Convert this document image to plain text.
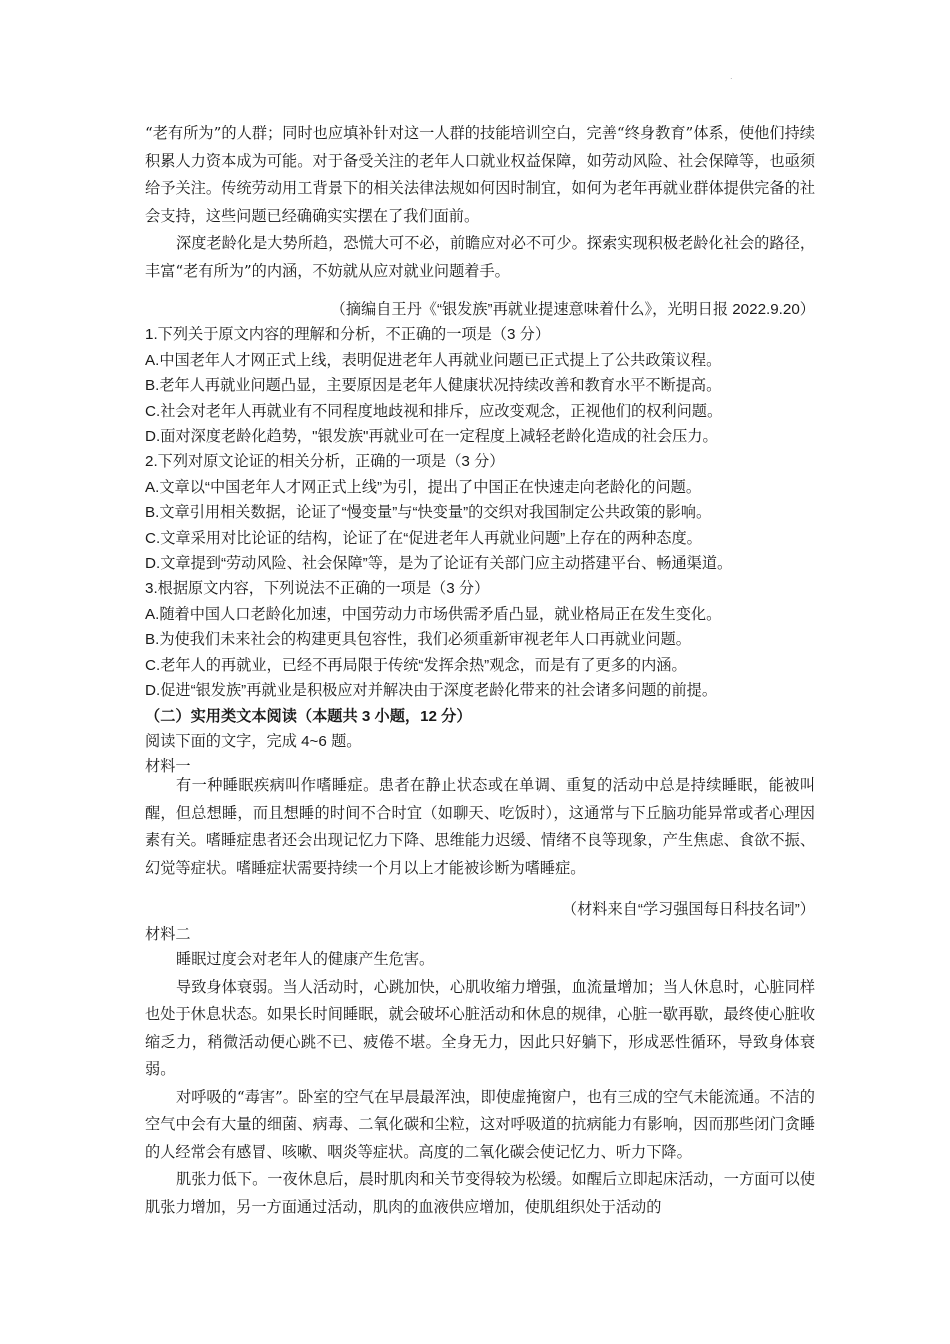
.

“老有所为”的人群；同时也应填补针对这一人群的技能培训空白，完善“终身教育”体系，使他们持续积累人力资本成为可能。对于备受关注的老年人口就业权益保障，如劳动风险、社会保障等，也亟须给予关注。传统劳动用工背景下的相关法律法规如何因时制宜，如何为老年再就业群体提供完备的社会支持，这些问题已经确确实实摆在了我们面前。

深度老龄化是大势所趋，恐慌大可不必，前瞻应对必不可少。探索实现积极老龄化社会的路径，丰富“老有所为”的内涵，不妨就从应对就业问题着手。

（摘编自王丹《“银发族”再就业提速意味着什么》，光明日报 2022.9.20）

1.下列关于原文内容的理解和分析，不正确的一项是（3 分）

A.中国老年人才网正式上线，表明促进老年人再就业问题已正式提上了公共政策议程。

B.老年人再就业问题凸显，主要原因是老年人健康状况持续改善和教育水平不断提高。

C.社会对老年人再就业有不同程度地歧视和排斥，应改变观念，正视他们的权利问题。

D.面对深度老龄化趋势，"银发族"再就业可在一定程度上减轻老龄化造成的社会压力。

2.下列对原文论证的相关分析，正确的一项是（3 分）

A.文章以“中国老年人才网正式上线”为引，提出了中国正在快速走向老龄化的问题。

B.文章引用相关数据，论证了“慢变量”与“快变量”的交织对我国制定公共政策的影响。

C.文章采用对比论证的结构，论证了在“促进老年人再就业问题”上存在的两种态度。

D.文章提到“劳动风险、社会保障”等，是为了论证有关部门应主动搭建平台、畅通渠道。

3.根据原文内容，下列说法不正确的一项是（3 分）

A.随着中国人口老龄化加速，中国劳动力市场供需矛盾凸显，就业格局正在发生变化。

B.为使我们未来社会的构建更具包容性，我们必须重新审视老年人口再就业问题。

C.老年人的再就业，已经不再局限于传统“发挥余热”观念，而是有了更多的内涵。

D.促进“银发族”再就业是积极应对并解决由于深度老龄化带来的社会诸多问题的前提。

（二）实用类文本阅读（本题共 3 小题，12 分）

阅读下面的文字，完成 4~6 题。

材料一

有一种睡眠疾病叫作嗜睡症。患者在静止状态或在单调、重复的活动中总是持续睡眠，能被叫醒，但总想睡，而且想睡的时间不合时宜（如聊天、吃饭时），这通常与下丘脑功能异常或者心理因素有关。嗜睡症患者还会出现记忆力下降、思维能力迟缓、情绪不良等现象，产生焦虑、食欲不振、幻觉等症状。嗜睡症状需要持续一个月以上才能被诊断为嗜睡症。

（材料来自“学习强国每日科技名词”）

材料二

睡眠过度会对老年人的健康产生危害。

导致身体衰弱。当人活动时，心跳加快，心肌收缩力增强，血流量增加；当人休息时，心脏同样也处于休息状态。如果长时间睡眠，就会破坏心脏活动和休息的规律，心脏一歇再歇，最终使心脏收缩乏力，稍微活动便心跳不已、疲倦不堪。全身无力，因此只好躺下，形成恶性循环，导致身体衰弱。

对呼吸的“毒害”。卧室的空气在早晨最浑浊，即使虚掩窗户，也有三成的空气未能流通。不洁的空气中会有大量的细菌、病毒、二氧化碳和尘粒，这对呼吸道的抗病能力有影响，因而那些闭门贪睡的人经常会有感冒、咳嗽、咽炎等症状。高度的二氧化碳会使记忆力、听力下降。

肌张力低下。一夜休息后，晨时肌肉和关节变得较为松缓。如醒后立即起床活动，一方面可以使肌张力增加，另一方面通过活动，肌肉的血液供应增加，使肌组织处于活动的
